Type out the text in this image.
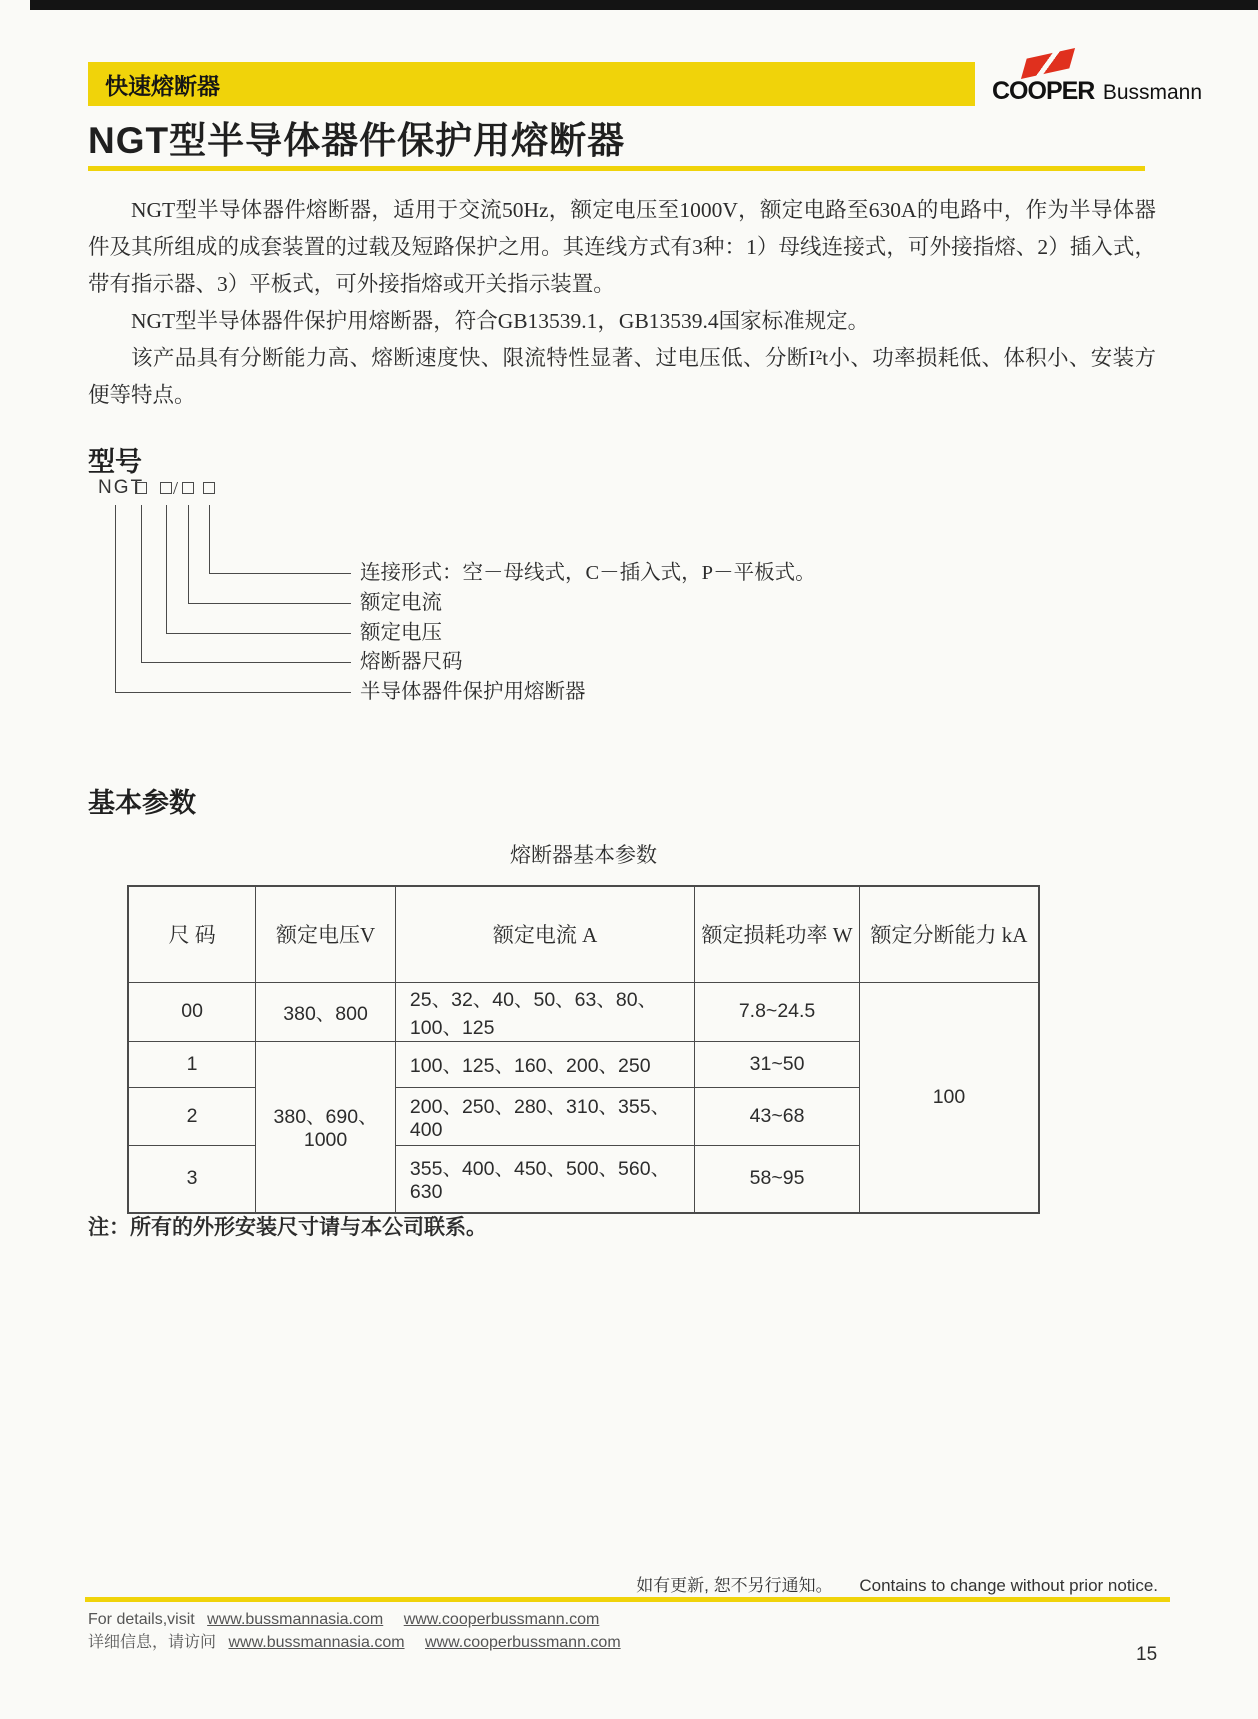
快速熔断器	COOPER Bussmann
NGT型半导体器件保护用熔断器

NGT型半导体器件熔断器，适用于交流50Hz，额定电压至1000V，额定电路至630A的电路中，作为半导体器件及其所组成的成套装置的过载及短路保护之用。其连线方式有3种：1）母线连接式，可外接指熔、2）插入式，带有指示器、3）平板式，可外接指熔或开关指示装置。

NGT型半导体器件保护用熔断器，符合GB13539.1，GB13539.4国家标准规定。

该产品具有分断能力高、熔断速度快、限流特性显著、过电压低、分断I²t小、功率损耗低、体积小、安装方便等特点。

型号
NGT /
连接形式：空－母线式，C－插入式，P－平板式。
额定电流
额定电压
熔断器尺码
半导体器件保护用熔断器
基本参数
熔断器基本参数
尺 码	额定电压V	额定电流 A	额定损耗功率 W	额定分断能力 kA
00	380、800	25、32、40、50、63、80、100、125	7.8~24.5	100
1	380、690、1000	100、125、160、200、250	31~50	
2		200、250、280、310、355、400	43~68	
3		355、400、450、500、560、630	58~95	
注：所有的外形安装尺寸请与本公司联系。
如有更新, 恕不另行通知。 Contains to change without prior notice.
For details,visit www.bussmannasia.com www.cooperbussmann.com
详细信息，请访问 www.bussmannasia.com www.cooperbussmann.com
15
